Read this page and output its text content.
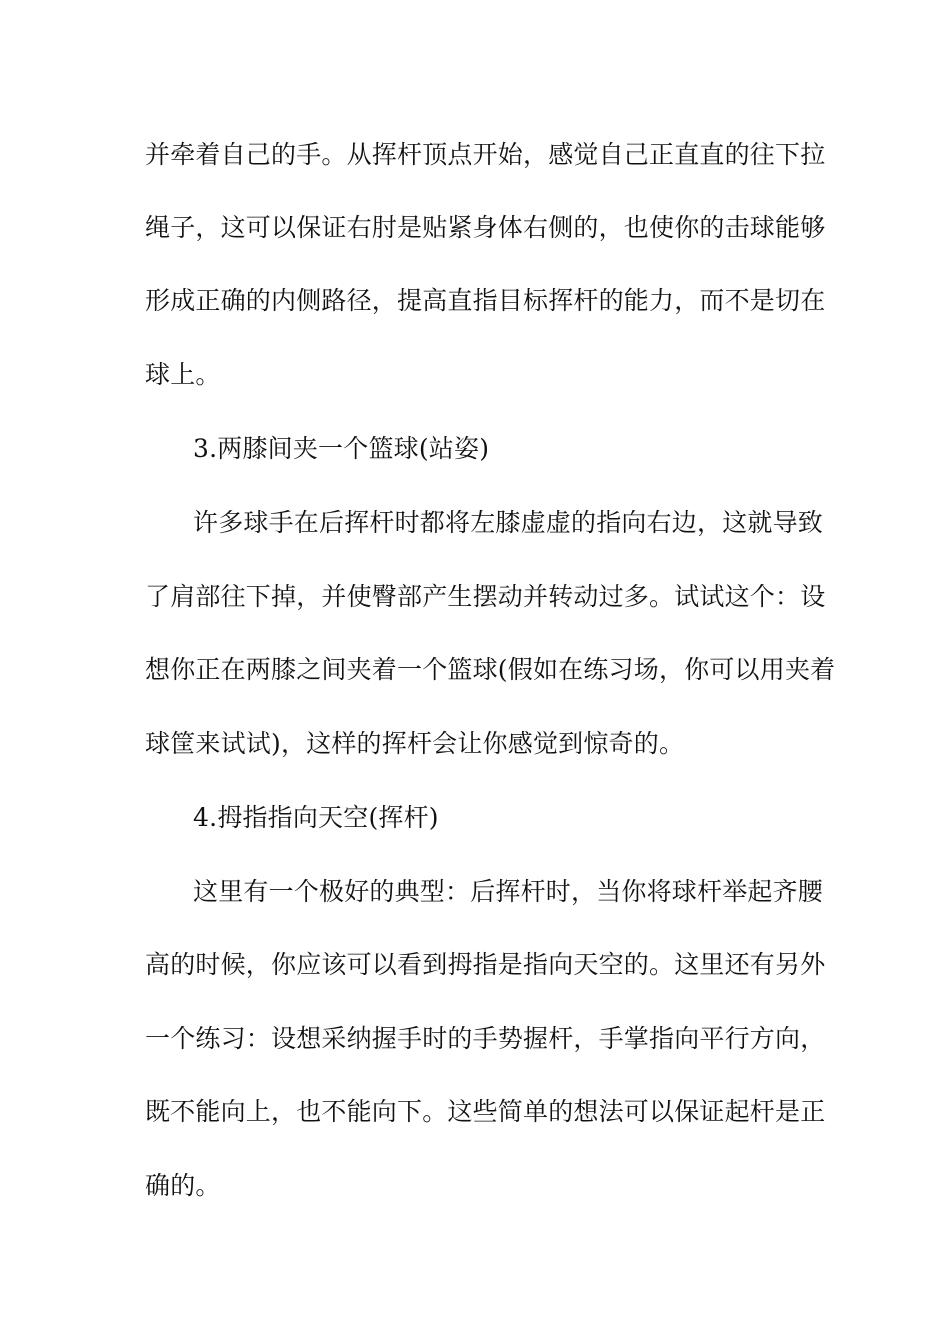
并牵着自己的手。从挥杆顶点开始，感觉自己正直直的往下拉
绳子，这可以保证右肘是贴紧身体右侧的，也使你的击球能够
形成正确的内侧路径，提高直指目标挥杆的能力，而不是切在
球上。
3.两膝间夹一个篮球(站姿)
许多球手在后挥杆时都将左膝虚虚的指向右边，这就导致
了肩部往下掉，并使臀部产生摆动并转动过多。试试这个：设
想你正在两膝之间夹着一个篮球(假如在练习场，你可以用夹着
球筐来试试)，这样的挥杆会让你感觉到惊奇的。
4.拇指指向天空(挥杆)
这里有一个极好的典型：后挥杆时，当你将球杆举起齐腰
高的时候，你应该可以看到拇指是指向天空的。这里还有另外
一个练习：设想采纳握手时的手势握杆，手掌指向平行方向，
既不能向上，也不能向下。这些简单的想法可以保证起杆是正
确的。
